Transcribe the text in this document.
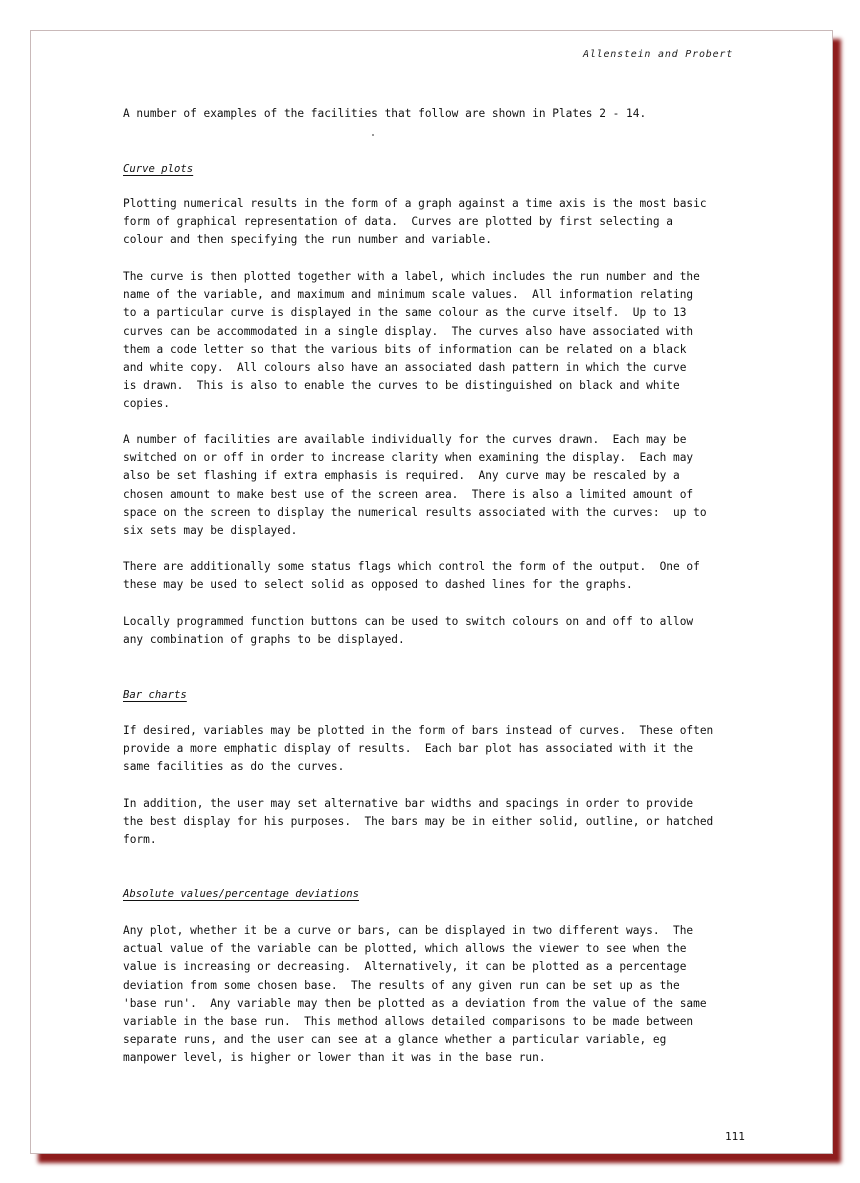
Allenstein and Probert

A number of examples of the facilities that follow are shown in Plates 2 - 14.

Curve plots

Plotting numerical results in the form of a graph against a time axis is the most basic
form of graphical representation of data.  Curves are plotted by first selecting a
colour and then specifying the run number and variable.

The curve is then plotted together with a label, which includes the run number and the
name of the variable, and maximum and minimum scale values.  All information relating
to a particular curve is displayed in the same colour as the curve itself.  Up to 13
curves can be accommodated in a single display.  The curves also have associated with
them a code letter so that the various bits of information can be related on a black
and white copy.  All colours also have an associated dash pattern in which the curve
is drawn.  This is also to enable the curves to be distinguished on black and white
copies.

A number of facilities are available individually for the curves drawn.  Each may be
switched on or off in order to increase clarity when examining the display.  Each may
also be set flashing if extra emphasis is required.  Any curve may be rescaled by a
chosen amount to make best use of the screen area.  There is also a limited amount of
space on the screen to display the numerical results associated with the curves:  up to
six sets may be displayed.

There are additionally some status flags which control the form of the output.  One of
these may be used to select solid as opposed to dashed lines for the graphs.

Locally programmed function buttons can be used to switch colours on and off to allow
any combination of graphs to be displayed.

Bar charts

If desired, variables may be plotted in the form of bars instead of curves.  These often
provide a more emphatic display of results.  Each bar plot has associated with it the
same facilities as do the curves.

In addition, the user may set alternative bar widths and spacings in order to provide
the best display for his purposes.  The bars may be in either solid, outline, or hatched
form.

Absolute values/percentage deviations

Any plot, whether it be a curve or bars, can be displayed in two different ways.  The
actual value of the variable can be plotted, which allows the viewer to see when the
value is increasing or decreasing.  Alternatively, it can be plotted as a percentage
deviation from some chosen base.  The results of any given run can be set up as the
'base run'.  Any variable may then be plotted as a deviation from the value of the same
variable in the base run.  This method allows detailed comparisons to be made between
separate runs, and the user can see at a glance whether a particular variable, eg
manpower level, is higher or lower than it was in the base run.

111
